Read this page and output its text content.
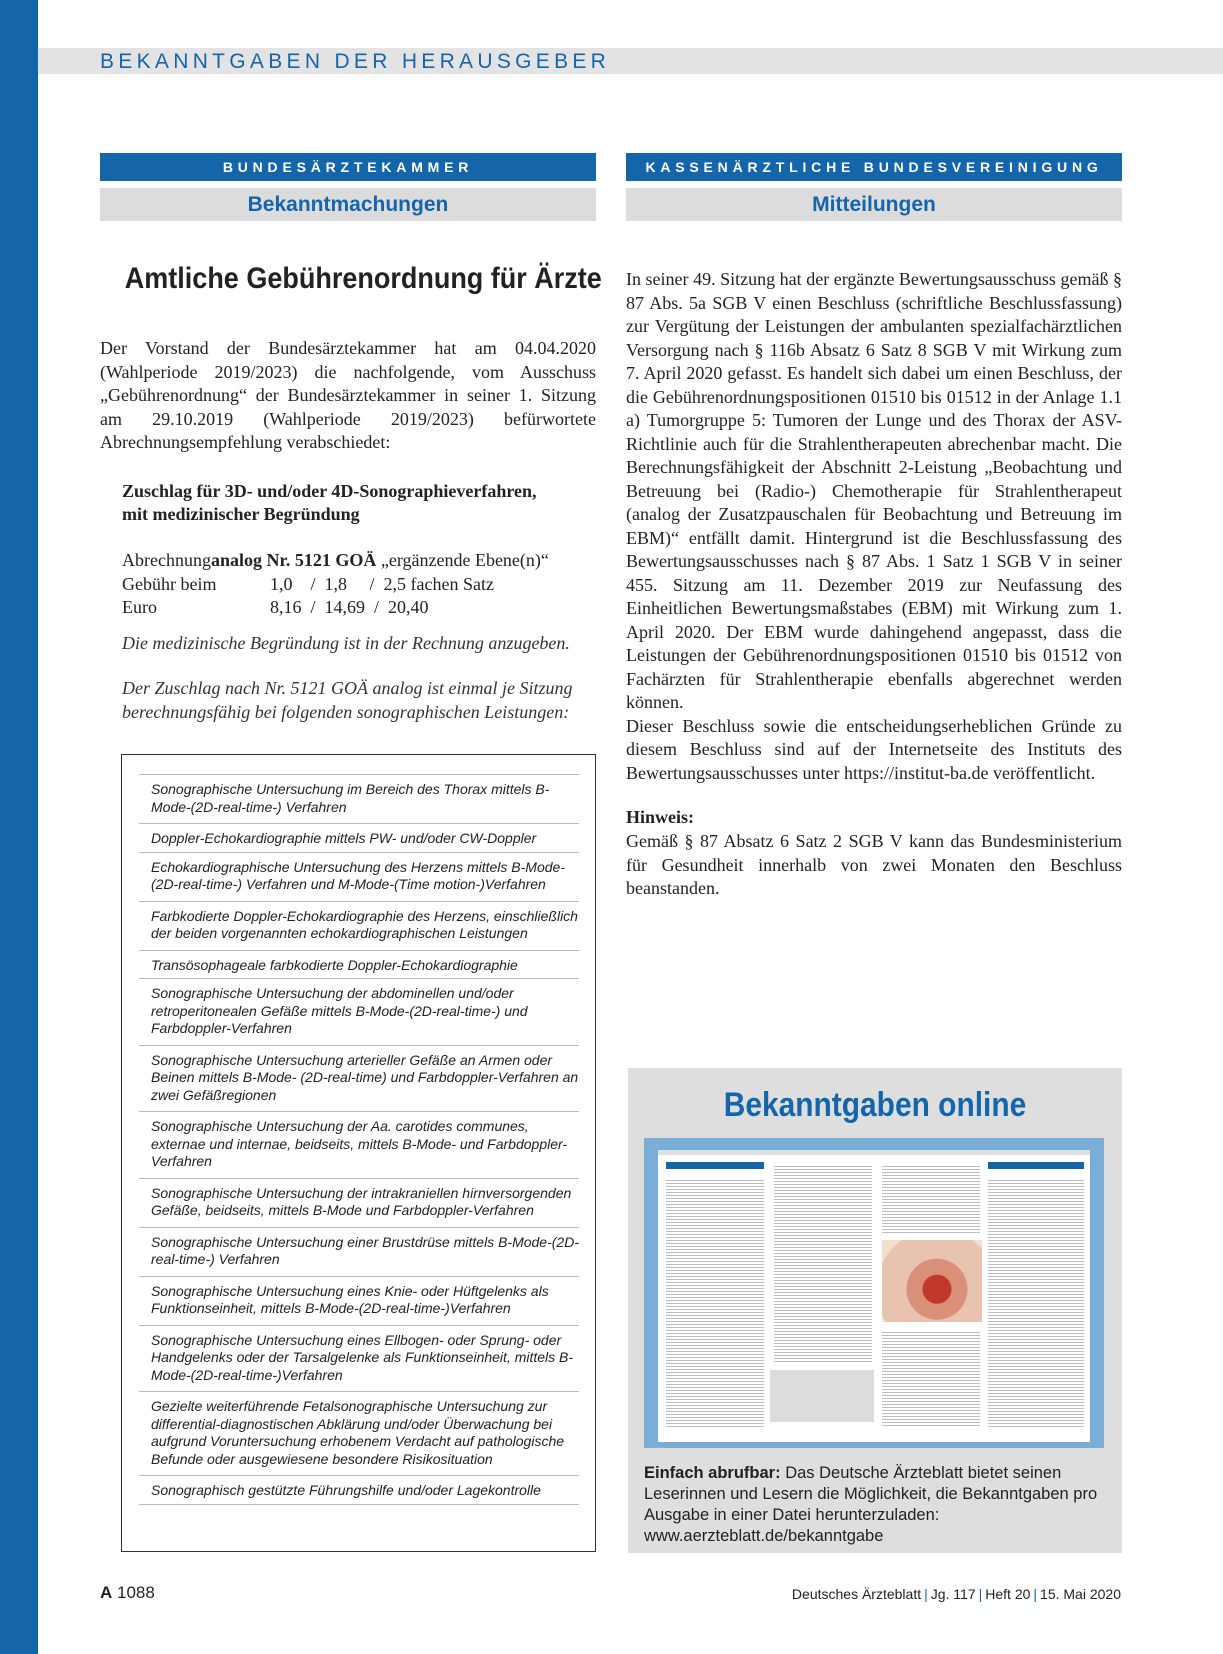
BEKANNTGABEN DER HERAUSGEBER
BUNDESÄRZTEKAMMER
Bekanntmachungen
KASSENÄRZTLICHE BUNDESVEREINIGUNG
Mitteilungen
Amtliche Gebührenordnung für Ärzte

Der Vorstand der Bundesärztekammer hat am 04.04.2020 (Wahlperiode 2019/2023) die nachfolgende, vom Ausschuss „Gebührenordnung“ der Bundesärztekammer in seiner 1. Sitzung am 29.10.2019 (Wahlperiode 2019/2023) befürwortete Abrechnungsempfehlung verabschiedet:

Zuschlag für 3D- und/oder 4D-Sonographieverfahren,
mit medizinischer Begründung
Abrechnung analog Nr. 5121 GOÄ „ergänzende Ebene(n)“
Gebühr beim	1,0    /  1,8     /  2,5 fachen Satz
Euro	8,16  /  14,69  /  20,40

Die medizinische Begründung ist in der Rechnung anzugeben.

Der Zuschlag nach Nr. 5121 GOÄ analog ist einmal je Sitzung berechnungsfähig bei folgenden sonographischen Leistungen:

Sonographische Untersuchung im Bereich des Thorax mittels B-Mode-(2D-real-time-) Verfahren
Doppler-Echokardiographie mittels PW- und/oder CW-Doppler
Echokardiographische Untersuchung des Herzens mittels B-Mode-(2D-real-time-) Verfahren und M-Mode-(Time motion-)Verfahren
Farbkodierte Doppler-Echokardiographie des Herzens, einschließlich der beiden vorgenannten echokardiographischen Leistungen
Transösophageale farbkodierte Doppler-Echokardiographie
Sonographische Untersuchung der abdominellen und/oder retroperitonealen Gefäße mittels B-Mode-(2D-real-time-) und Farbdoppler-Verfahren
Sonographische Untersuchung arterieller Gefäße an Armen oder Beinen mittels B-Mode- (2D-real-time) und Farbdoppler-Verfahren an zwei Gefäßregionen
Sonographische Untersuchung der Aa. carotides communes, externae und internae, beidseits, mittels B-Mode- und Farbdoppler-Verfahren
Sonographische Untersuchung der intrakraniellen hirnversorgenden Gefäße, beidseits, mittels B-Mode und Farbdoppler-Verfahren
Sonographische Untersuchung einer Brustdrüse mittels B-Mode-(2D-real-time-) Verfahren
Sonographische Untersuchung eines Knie- oder Hüftgelenks als Funktionseinheit, mittels B-Mode-(2D-real-time-)Verfahren
Sonographische Untersuchung eines Ellbogen- oder Sprung- oder Handgelenks oder der Tarsalgelenke als Funktionseinheit, mittels B-Mode-(2D-real-time-)Verfahren
Gezielte weiterführende Fetalsonographische Untersuchung zur differential-diagnostischen Abklärung und/oder Überwachung bei aufgrund Voruntersuchung erhobenem Verdacht auf pathologische Befunde oder ausgewiesene besondere Risikosituation
Sonographisch gestützte Führungshilfe und/oder Lagekontrolle

In seiner 49. Sitzung hat der ergänzte Bewertungsausschuss gemäß § 87 Abs. 5a SGB V einen Beschluss (schriftliche Beschlussfassung) zur Vergütung der Leistungen der ambulanten spezialfachärztlichen Versorgung nach § 116b Absatz 6 Satz 8 SGB V mit Wirkung zum 7. April 2020 gefasst. Es handelt sich dabei um einen Beschluss, der die Gebührenordnungspositionen 01510 bis 01512 in der Anlage 1.1 a) Tumorgruppe 5: Tumoren der Lunge und des Thorax der ASV-Richtlinie auch für die Strahlentherapeuten abrechenbar macht. Die Berechnungsfähigkeit der Abschnitt 2-Leistung „Beobachtung und Betreuung bei (Radio-) Chemotherapie für Strahlentherapeut (analog der Zusatzpauschalen für Beobachtung und Betreuung im EBM)“ entfällt damit. Hintergrund ist die Beschlussfassung des Bewertungsausschusses nach § 87 Abs. 1 Satz 1 SGB V in seiner 455. Sitzung am 11. Dezember 2019 zur Neufassung des Einheitlichen Bewertungsmaßstabes (EBM) mit Wirkung zum 1. April 2020. Der EBM wurde dahingehend angepasst, dass die Leistungen der Gebührenordnungspositionen 01510 bis 01512 von Fachärzten für Strahlentherapie ebenfalls abgerechnet werden können.
Dieser Beschluss sowie die entscheidungserheblichen Gründe zu diesem Beschluss sind auf der Internetseite des Instituts des Bewertungsausschusses unter https://institut-ba.de veröffentlicht.

Hinweis:

Gemäß § 87 Absatz 6 Satz 2 SGB V kann das Bundesministerium für Gesundheit innerhalb von zwei Monaten den Beschluss beanstanden.

Bekanntgaben online

Einfach abrufbar: Das Deutsche Ärzteblatt bietet seinen Leserinnen und Lesern die Möglichkeit, die Bekanntgaben pro Ausgabe in einer Datei herunterzuladen: www.aerzteblatt.de/bekanntgabe

A 1088	Deutsches Ärzteblatt | Jg. 117 | Heft 20 | 15. Mai 2020
